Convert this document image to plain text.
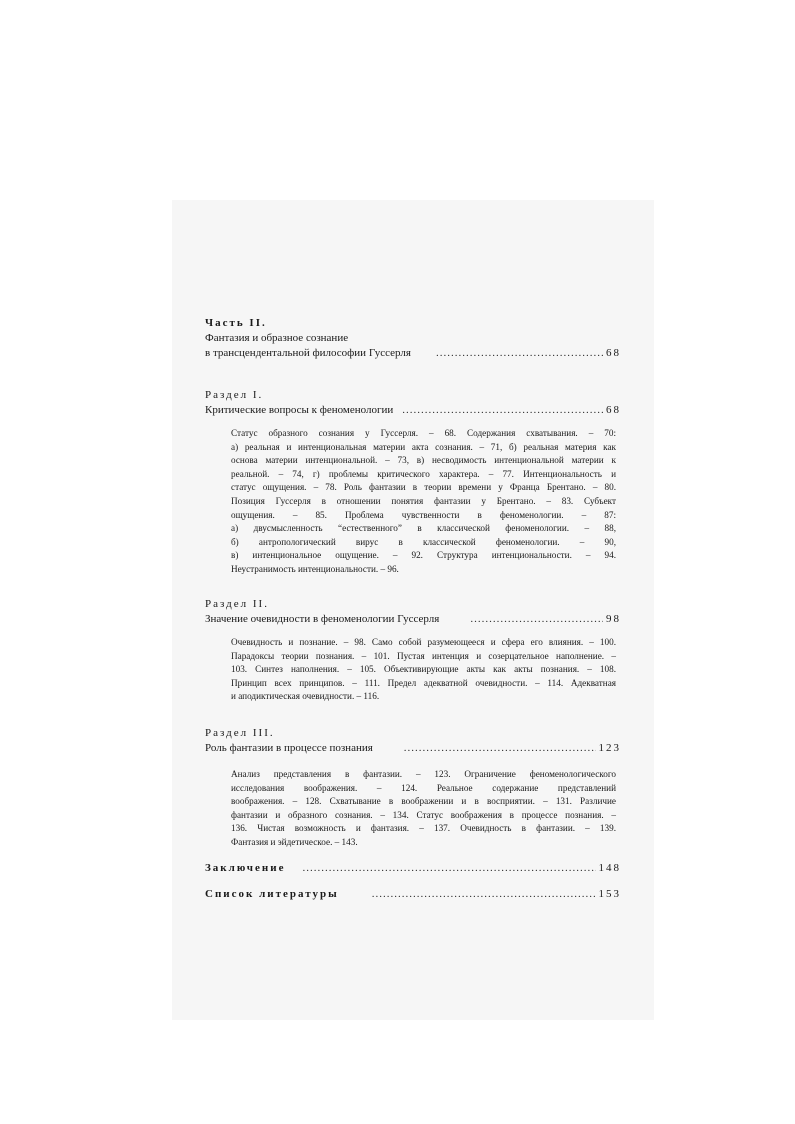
Часть II.
Фантазия и образное сознание
в трансцендентальной философии Гуссерля .....	68
Раздел I.
Критические вопросы к феноменологии .....	68
Статус образного сознания у Гуссерля. – 68. Содержания схватывания. – 70:
а) реальная и интенциональная материи акта сознания. – 71, б) реальная материя как
основа материи интенциональной. – 73, в) несводимость интенциональной материи к
реальной. – 74, г) проблемы критического характера. – 77. Интенциональность и
статус ощущения. – 78. Роль фантазии в теории времени у Франца Брентано. – 80.
Позиция Гуссерля в отношении понятия фантазии у Брентано. – 83. Субъект
ощущения. – 85. Проблема чувственности в феноменологии. – 87:
а) двусмысленность “естественного” в классической феноменологии. – 88,
б) антропологический вирус в классической феноменологии. – 90,
в) интенциональное ощущение. – 92. Структура интенциональности. – 94.
Неустранимость интенциональности. – 96.
Раздел II.
Значение очевидности в феноменологии Гуссерля .....	98
Очевидность и познание. – 98. Само собой разумеющееся и сфера его влияния. – 100.
Парадоксы теории познания. – 101. Пустая интенция и созерцательное наполнение. –
103. Синтез наполнения. – 105. Объективирующие акты как акты познания. – 108.
Принцип всех принципов. – 111. Предел адекватной очевидности. – 114. Адекватная
и аподиктическая очевидности. – 116.
Раздел III.
Роль фантазии в процессе познания .....	123
Анализ представления в фантазии. – 123. Ограничение феноменологического
исследования воображения. – 124. Реальное содержание представлений
воображения. – 128. Схватывание в воображении и в восприятии. – 131. Различие
фантазии и образного сознания. – 134. Статус воображения в процессе познания. –
136. Чистая возможность и фантазия. – 137. Очевидность в фантазии. – 139.
Фантазия и эйдетическое. – 143.
Заключение .....	148
Список литературы .....	153
